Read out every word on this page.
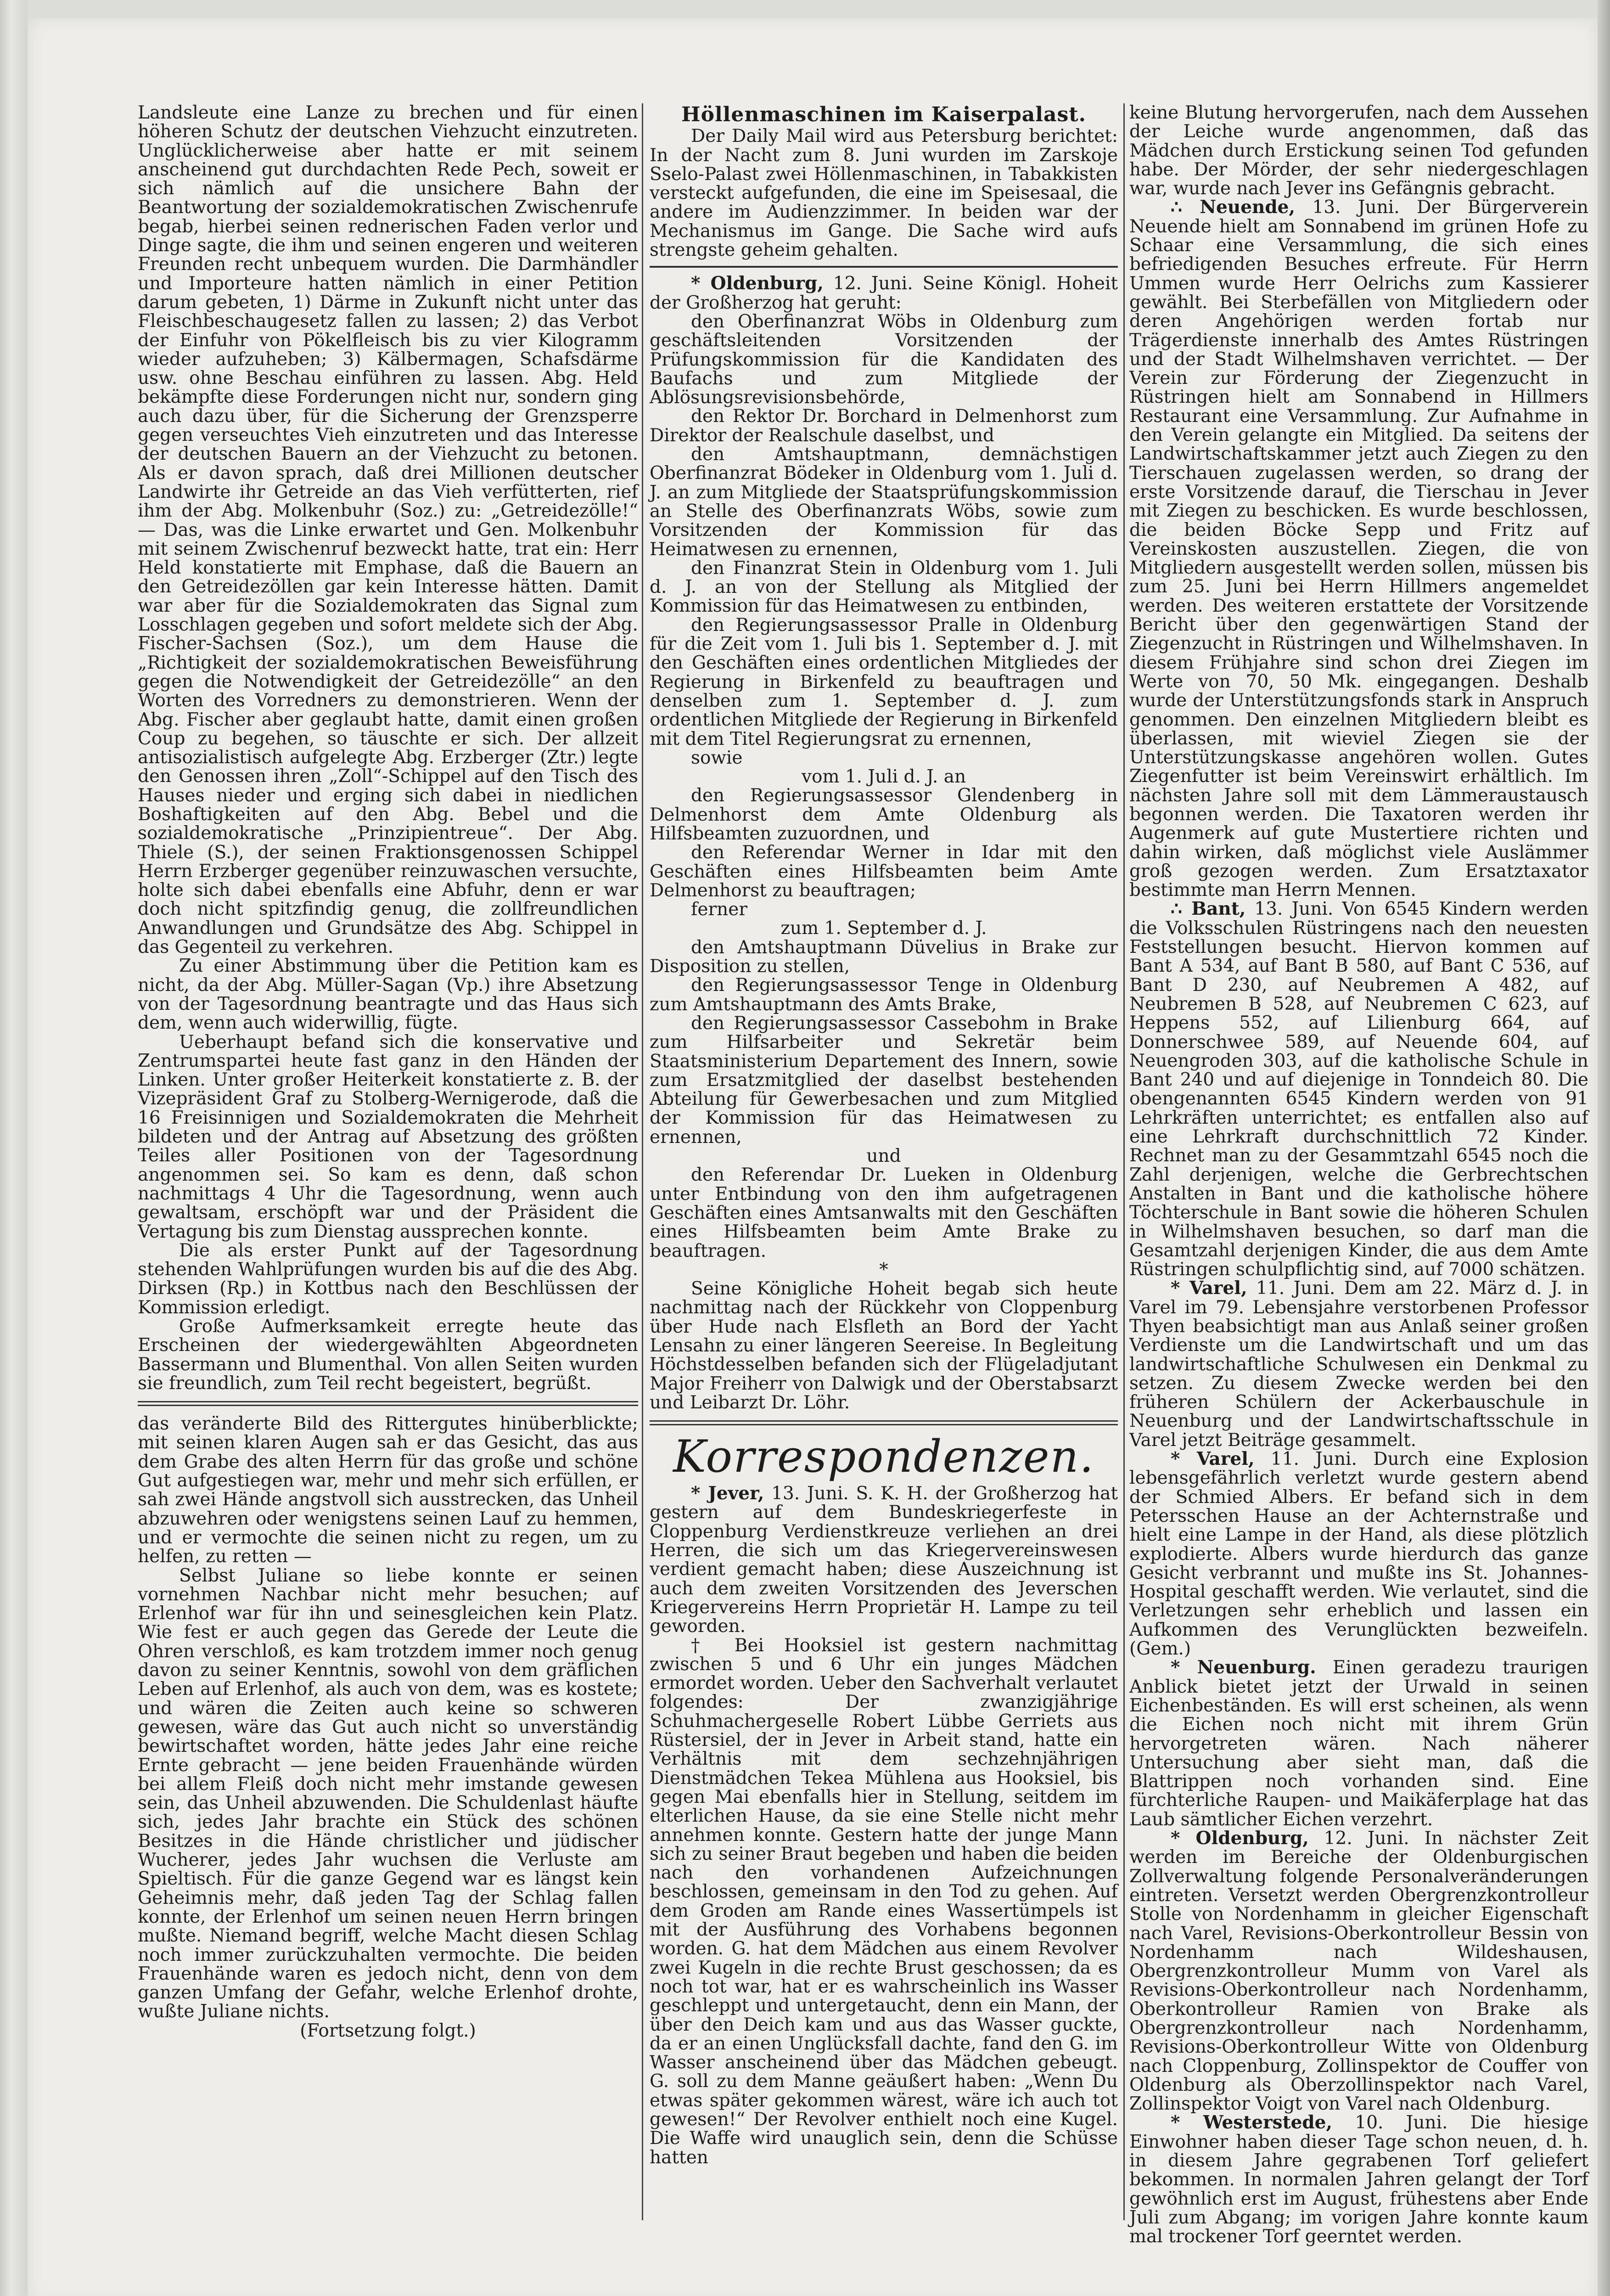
Landsleute eine Lanze zu brechen und für einen höheren Schutz der deutschen Viehzucht einzutreten. Unglücklicherweise aber hatte er mit seinem anscheinend gut durchdachten Rede Pech, soweit er sich nämlich auf die unsichere Bahn der Beantwortung der sozialdemokratischen Zwischenrufe begab, hierbei seinen rednerischen Faden verlor und Dinge sagte, die ihm und seinen engeren und weiteren Freunden recht unbequem wurden. Die Darmhändler und Importeure hatten nämlich in einer Petition darum gebeten, 1) Därme in Zukunft nicht unter das Fleischbeschaugesetz fallen zu lassen; 2) das Verbot der Einfuhr von Pökelfleisch bis zu vier Kilogramm wieder aufzuheben; 3) Kälbermagen, Schafsdärme usw. ohne Beschau einführen zu lassen. Abg. Held bekämpfte diese Forderungen nicht nur, sondern ging auch dazu über, für die Sicherung der Grenzsperre gegen verseuchtes Vieh einzutreten und das Interesse der deutschen Bauern an der Viehzucht zu betonen. Als er davon sprach, daß drei Millionen deutscher Landwirte ihr Getreide an das Vieh verfütterten, rief ihm der Abg. Molkenbuhr (Soz.) zu: „Getreidezölle!“ — Das, was die Linke erwartet und Gen. Molkenbuhr mit seinem Zwischenruf bezweckt hatte, trat ein: Herr Held konstatierte mit Emphase, daß die Bauern an den Getreidezöllen gar kein Interesse hätten. Damit war aber für die Sozialdemokraten das Signal zum Losschlagen gegeben und sofort meldete sich der Abg. Fischer-Sachsen (Soz.), um dem Hause die „Richtigkeit der sozialdemokratischen Beweisführung gegen die Notwendigkeit der Getreidezölle“ an den Worten des Vorredners zu demonstrieren. Wenn der Abg. Fischer aber geglaubt hatte, damit einen großen Coup zu begehen, so täuschte er sich. Der allzeit antisozialistisch aufgelegte Abg. Erzberger (Ztr.) legte den Genossen ihren „Zoll“-Schippel auf den Tisch des Hauses nieder und erging sich dabei in niedlichen Boshaftigkeiten auf den Abg. Bebel und die sozialdemokratische „Prinzipientreue“. Der Abg. Thiele (S.), der seinen Fraktionsgenossen Schippel Herrn Erzberger gegenüber reinzuwaschen versuchte, holte sich dabei ebenfalls eine Abfuhr, denn er war doch nicht spitzfindig genug, die zollfreundlichen Anwandlungen und Grundsätze des Abg. Schippel in das Gegenteil zu verkehren.

Zu einer Abstimmung über die Petition kam es nicht, da der Abg. Müller-Sagan (Vp.) ihre Absetzung von der Tagesordnung beantragte und das Haus sich dem, wenn auch widerwillig, fügte.

Ueberhaupt befand sich die konservative und Zentrumspartei heute fast ganz in den Händen der Linken. Unter großer Heiterkeit konstatierte z. B. der Vizepräsident Graf zu Stolberg-Wernigerode, daß die 16 Freisinnigen und Sozialdemokraten die Mehrheit bildeten und der Antrag auf Absetzung des größten Teiles aller Positionen von der Tagesordnung angenommen sei. So kam es denn, daß schon nachmittags 4 Uhr die Tagesordnung, wenn auch gewaltsam, erschöpft war und der Präsident die Vertagung bis zum Dienstag aussprechen konnte.

Die als erster Punkt auf der Tagesordnung stehenden Wahlprüfungen wurden bis auf die des Abg. Dirksen (Rp.) in Kottbus nach den Beschlüssen der Kommission erledigt.

Große Aufmerksamkeit erregte heute das Erscheinen der wiedergewählten Abgeordneten Bassermann und Blumenthal. Von allen Seiten wurden sie freundlich, zum Teil recht begeistert, begrüßt.

das veränderte Bild des Rittergutes hinüberblickte; mit seinen klaren Augen sah er das Gesicht, das aus dem Grabe des alten Herrn für das große und schöne Gut aufgestiegen war, mehr und mehr sich erfüllen, er sah zwei Hände angstvoll sich ausstrecken, das Unheil abzuwehren oder wenigstens seinen Lauf zu hemmen, und er vermochte die seinen nicht zu regen, um zu helfen, zu retten —

Selbst Juliane so liebe konnte er seinen vornehmen Nachbar nicht mehr besuchen; auf Erlenhof war für ihn und seinesgleichen kein Platz. Wie fest er auch gegen das Gerede der Leute die Ohren verschloß, es kam trotzdem immer noch genug davon zu seiner Kenntnis, sowohl von dem gräflichen Leben auf Erlenhof, als auch von dem, was es kostete; und wären die Zeiten auch keine so schweren gewesen, wäre das Gut auch nicht so unverständig bewirtschaftet worden, hätte jedes Jahr eine reiche Ernte gebracht — jene beiden Frauenhände würden bei allem Fleiß doch nicht mehr imstande gewesen sein, das Unheil abzuwenden. Die Schuldenlast häufte sich, jedes Jahr brachte ein Stück des schönen Besitzes in die Hände christlicher und jüdischer Wucherer, jedes Jahr wuchsen die Verluste am Spieltisch. Für die ganze Gegend war es längst kein Geheimnis mehr, daß jeden Tag der Schlag fallen konnte, der Erlenhof um seinen neuen Herrn bringen mußte. Niemand begriff, welche Macht diesen Schlag noch immer zurückzuhalten vermochte. Die beiden Frauenhände waren es jedoch nicht, denn von dem ganzen Umfang der Gefahr, welche Erlenhof drohte, wußte Juliane nichts.

(Fortsetzung folgt.)

Höllenmaschinen im Kaiserpalast.

Der Daily Mail wird aus Petersburg berichtet: In der Nacht zum 8. Juni wurden im Zarskoje Sselo-Palast zwei Höllenmaschinen, in Tabakkisten versteckt aufgefunden, die eine im Speisesaal, die andere im Audienzzimmer. In beiden war der Mechanismus im Gange. Die Sache wird aufs strengste geheim gehalten.

* Oldenburg, 12. Juni. Seine Königl. Hoheit der Großherzog hat geruht:

den Oberfinanzrat Wöbs in Oldenburg zum geschäftsleitenden Vorsitzenden der Prüfungskommission für die Kandidaten des Baufachs und zum Mitgliede der Ablösungsrevisionsbehörde,

den Rektor Dr. Borchard in Delmenhorst zum Direktor der Realschule daselbst, und

den Amtshauptmann, demnächstigen Oberfinanzrat Bödeker in Oldenburg vom 1. Juli d. J. an zum Mitgliede der Staatsprüfungskommission an Stelle des Oberfinanzrats Wöbs, sowie zum Vorsitzenden der Kommission für das Heimatwesen zu ernennen,

den Finanzrat Stein in Oldenburg vom 1. Juli d. J. an von der Stellung als Mitglied der Kommission für das Heimatwesen zu entbinden,

den Regierungsassessor Pralle in Oldenburg für die Zeit vom 1. Juli bis 1. September d. J. mit den Geschäften eines ordentlichen Mitgliedes der Regierung in Birkenfeld zu beauftragen und denselben zum 1. September d. J. zum ordentlichen Mitgliede der Regierung in Birkenfeld mit dem Titel Regierungsrat zu ernennen,

sowie

vom 1. Juli d. J. an

den Regierungsassessor Glendenberg in Delmenhorst dem Amte Oldenburg als Hilfsbeamten zuzuordnen, und

den Referendar Werner in Idar mit den Geschäften eines Hilfsbeamten beim Amte Delmenhorst zu beauftragen;

ferner

zum 1. September d. J.

den Amtshauptmann Düvelius in Brake zur Disposition zu stellen,

den Regierungsassessor Tenge in Oldenburg zum Amtshauptmann des Amts Brake,

den Regierungsassessor Cassebohm in Brake zum Hilfsarbeiter und Sekretär beim Staatsministerium Departement des Innern, sowie zum Ersatzmitglied der daselbst bestehenden Abteilung für Gewerbesachen und zum Mitglied der Kommission für das Heimatwesen zu ernennen,

und

den Referendar Dr. Lueken in Oldenburg unter Entbindung von den ihm aufgetragenen Geschäften eines Amtsanwalts mit den Geschäften eines Hilfsbeamten beim Amte Brake zu beauftragen.

*

Seine Königliche Hoheit begab sich heute nachmittag nach der Rückkehr von Cloppenburg über Hude nach Elsfleth an Bord der Yacht Lensahn zu einer längeren Seereise. In Begleitung Höchstdesselben befanden sich der Flügeladjutant Major Freiherr von Dalwigk und der Oberstabsarzt und Leibarzt Dr. Löhr.

Korrespondenzen.

* Jever, 13. Juni. S. K. H. der Großherzog hat gestern auf dem Bundeskriegerfeste in Cloppenburg Verdienstkreuze verliehen an drei Herren, die sich um das Kriegervereinswesen verdient gemacht haben; diese Auszeichnung ist auch dem zweiten Vorsitzenden des Jeverschen Kriegervereins Herrn Proprietär H. Lampe zu teil geworden.

† Bei Hooksiel ist gestern nachmittag zwischen 5 und 6 Uhr ein junges Mädchen ermordet worden. Ueber den Sachverhalt verlautet folgendes: Der zwanzigjährige Schuhmachergeselle Robert Lübbe Gerriets aus Rüstersiel, der in Jever in Arbeit stand, hatte ein Verhältnis mit dem sechzehnjährigen Dienstmädchen Tekea Mühlena aus Hooksiel, bis gegen Mai ebenfalls hier in Stellung, seitdem im elterlichen Hause, da sie eine Stelle nicht mehr annehmen konnte. Gestern hatte der junge Mann sich zu seiner Braut begeben und haben die beiden nach den vorhandenen Aufzeichnungen beschlossen, gemeinsam in den Tod zu gehen. Auf dem Groden am Rande eines Wassertümpels ist mit der Ausführung des Vorhabens begonnen worden. G. hat dem Mädchen aus einem Revolver zwei Kugeln in die rechte Brust geschossen; da es noch tot war, hat er es wahrscheinlich ins Wasser geschleppt und untergetaucht, denn ein Mann, der über den Deich kam und aus das Wasser guckte, da er an einen Unglücksfall dachte, fand den G. im Wasser anscheinend über das Mädchen gebeugt. G. soll zu dem Manne geäußert haben: „Wenn Du etwas später gekommen wärest, wäre ich auch tot gewesen!“ Der Revolver enthielt noch eine Kugel. Die Waffe wird unauglich sein, denn die Schüsse hatten

keine Blutung hervorgerufen, nach dem Aussehen der Leiche wurde angenommen, daß das Mädchen durch Erstickung seinen Tod gefunden habe. Der Mörder, der sehr niedergeschlagen war, wurde nach Jever ins Gefängnis gebracht.

∴ Neuende, 13. Juni. Der Bürgerverein Neuende hielt am Sonnabend im grünen Hofe zu Schaar eine Versammlung, die sich eines befriedigenden Besuches erfreute. Für Herrn Ummen wurde Herr Oelrichs zum Kassierer gewählt. Bei Sterbefällen von Mitgliedern oder deren Angehörigen werden fortab nur Trägerdienste innerhalb des Amtes Rüstringen und der Stadt Wilhelmshaven verrichtet. — Der Verein zur Förderung der Ziegenzucht in Rüstringen hielt am Sonnabend in Hillmers Restaurant eine Versammlung. Zur Aufnahme in den Verein gelangte ein Mitglied. Da seitens der Landwirtschaftskammer jetzt auch Ziegen zu den Tierschauen zugelassen werden, so drang der erste Vorsitzende darauf, die Tierschau in Jever mit Ziegen zu beschicken. Es wurde beschlossen, die beiden Böcke Sepp und Fritz auf Vereinskosten auszustellen. Ziegen, die von Mitgliedern ausgestellt werden sollen, müssen bis zum 25. Juni bei Herrn Hillmers angemeldet werden. Des weiteren erstattete der Vorsitzende Bericht über den gegenwärtigen Stand der Ziegenzucht in Rüstringen und Wilhelmshaven. In diesem Frühjahre sind schon drei Ziegen im Werte von 70, 50 Mk. eingegangen. Deshalb wurde der Unterstützungsfonds stark in Anspruch genommen. Den einzelnen Mitgliedern bleibt es überlassen, mit wieviel Ziegen sie der Unterstützungskasse angehören wollen. Gutes Ziegenfutter ist beim Vereinswirt erhältlich. Im nächsten Jahre soll mit dem Lämmeraustausch begonnen werden. Die Taxatoren werden ihr Augenmerk auf gute Mustertiere richten und dahin wirken, daß möglichst viele Auslämmer groß gezogen werden. Zum Ersatztaxator bestimmte man Herrn Mennen.

∴ Bant, 13. Juni. Von 6545 Kindern werden die Volksschulen Rüstringens nach den neuesten Feststellungen besucht. Hiervon kommen auf Bant A 534, auf Bant B 580, auf Bant C 536, auf Bant D 230, auf Neubremen A 482, auf Neubremen B 528, auf Neubremen C 623, auf Heppens 552, auf Lilienburg 664, auf Donnerschwee 589, auf Neuende 604, auf Neuengroden 303, auf die katholische Schule in Bant 240 und auf diejenige in Tonndeich 80. Die obengenannten 6545 Kindern werden von 91 Lehrkräften unterrichtet; es entfallen also auf eine Lehrkraft durchschnittlich 72 Kinder. Rechnet man zu der Gesammtzahl 6545 noch die Zahl derjenigen, welche die Gerbrechtschen Anstalten in Bant und die katholische höhere Töchterschule in Bant sowie die höheren Schulen in Wilhelmshaven besuchen, so darf man die Gesamtzahl derjenigen Kinder, die aus dem Amte Rüstringen schulpflichtig sind, auf 7000 schätzen.

* Varel, 11. Juni. Dem am 22. März d. J. in Varel im 79. Lebensjahre verstorbenen Professor Thyen beabsichtigt man aus Anlaß seiner großen Verdienste um die Landwirtschaft und um das landwirtschaftliche Schulwesen ein Denkmal zu setzen. Zu diesem Zwecke werden bei den früheren Schülern der Ackerbauschule in Neuenburg und der Landwirtschaftsschule in Varel jetzt Beiträge gesammelt.

* Varel, 11. Juni. Durch eine Explosion lebensgefährlich verletzt wurde gestern abend der Schmied Albers. Er befand sich in dem Petersschen Hause an der Achternstraße und hielt eine Lampe in der Hand, als diese plötzlich explodierte. Albers wurde hierdurch das ganze Gesicht verbrannt und mußte ins St. Johannes-Hospital geschafft werden. Wie verlautet, sind die Verletzungen sehr erheblich und lassen ein Aufkommen des Verunglückten bezweifeln. (Gem.)

* Neuenburg. Einen geradezu traurigen Anblick bietet jetzt der Urwald in seinen Eichenbeständen. Es will erst scheinen, als wenn die Eichen noch nicht mit ihrem Grün hervorgetreten wären. Nach näherer Untersuchung aber sieht man, daß die Blattrippen noch vorhanden sind. Eine fürchterliche Raupen- und Maikäferplage hat das Laub sämtlicher Eichen verzehrt.

* Oldenburg, 12. Juni. In nächster Zeit werden im Bereiche der Oldenburgischen Zollverwaltung folgende Personalveränderungen eintreten. Versetzt werden Obergrenzkontrolleur Stolle von Nordenhamm in gleicher Eigenschaft nach Varel, Revisions-Oberkontrolleur Bessin von Nordenhamm nach Wildeshausen, Obergrenzkontrolleur Mumm von Varel als Revisions-Oberkontrolleur nach Nordenhamm, Oberkontrolleur Ramien von Brake als Obergrenzkontrolleur nach Nordenhamm, Revisions-Oberkontrolleur Witte von Oldenburg nach Cloppenburg, Zollinspektor de Couffer von Oldenburg als Oberzollinspektor nach Varel, Zollinspektor Voigt von Varel nach Oldenburg.

* Westerstede, 10. Juni. Die hiesige Einwohner haben dieser Tage schon neuen, d. h. in diesem Jahre gegrabenen Torf geliefert bekommen. In normalen Jahren gelangt der Torf gewöhnlich erst im August, frühestens aber Ende Juli zum Abgang; im vorigen Jahre konnte kaum mal trockener Torf geerntet werden.
